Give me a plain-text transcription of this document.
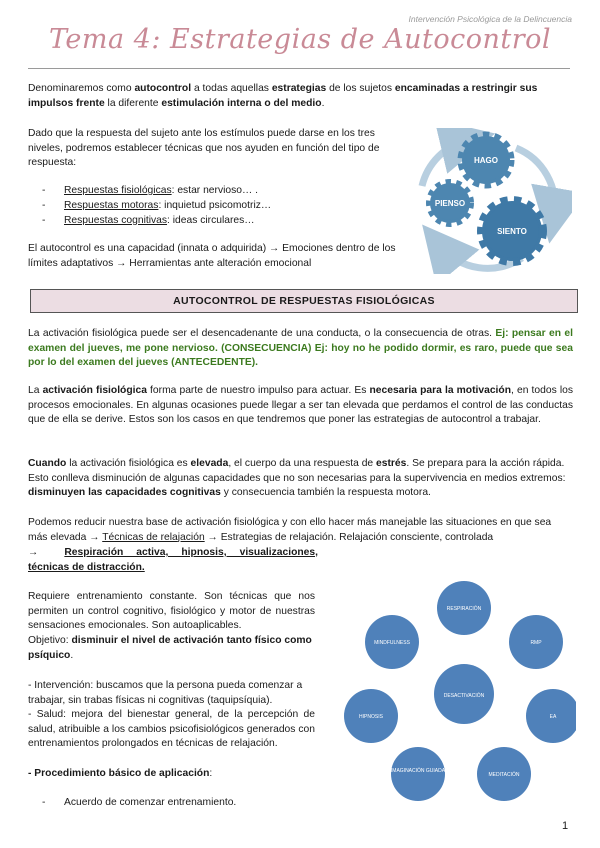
Intervención Psicológica de la Delincuencia
Tema 4: Estrategias de Autocontrol

Denominaremos como autocontrol a todas aquellas estrategias de los sujetos encaminadas a restringir sus impulsos frente la diferente estimulación interna o del medio.

Dado que la respuesta del sujeto ante los estímulos puede darse en los tres niveles, podremos establecer técnicas que nos ayuden en función del tipo de respuesta:

- Respuestas fisiológicas: estar nervioso… .
- Respuestas motoras: inquietud psicomotriz…
- Respuestas cognitivas: ideas circulares…

El autocontrol es una capacidad (innata o adquirida) → Emociones dentro de los límites adaptativos → Herramientas ante alteración emocional

HAGO
PIENSO
SIENTO
AUTOCONTROL DE RESPUESTAS FISIOLÓGICAS

La activación fisiológica puede ser el desencadenante de una conducta, o la consecuencia de otras. Ej: pensar en el examen del jueves, me pone nervioso. (CONSECUENCIA) Ej: hoy no he podido dormir, es raro, puede que sea por lo del examen del jueves (ANTECEDENTE).

La activación fisiológica forma parte de nuestro impulso para actuar. Es necesaria para la motivación, en todos los procesos emocionales. En algunas ocasiones puede llegar a ser tan elevada que perdamos el control de las conductas que de ella se derive. Estos son los casos en que tendremos que poner las estrategias de autocontrol a trabajar.

Cuando la activación fisiológica es elevada, el cuerpo da una respuesta de estrés. Se prepara para la acción rápida. Esto conlleva disminución de algunas capacidades que no son necesarias para la supervivencia en medios extremos: disminuyen las capacidades cognitivas y consecuencia también la respuesta motora.

Podemos reducir nuestra base de activación fisiológica y con ello hacer más manejable las situaciones en que sea más elevada → Técnicas de relajación → Estrategias de relajación. Relajación consciente, controlada

→	Respiración activa, hipnosis, visualizaciones,

técnicas de distracción.

Requiere entrenamiento constante. Son técnicas que nos permiten un control cognitivo, fisiológico y motor de nuestras sensaciones emocionales. Son autoaplicables.

Objetivo: disminuir el nivel de activación tanto físico como psíquico.

- Intervención: buscamos que la persona pueda comenzar a trabajar, sin trabas físicas ni cognitivas (taquipsíquia).

- Salud: mejora del bienestar general, de la percepción de salud, atribuible a los cambios psicofisiológicos generados con entrenamientos prolongados en técnicas de relajación.

- Procedimiento básico de aplicación:

- Acuerdo de comenzar entrenamiento.
DESACTIVACIÓN
RESPIRACIÓN
RMP
EA
MEDITACIÓN
IMAGINACIÓN GUIADA
HIPNOSIS
MINDFULNESS
1
